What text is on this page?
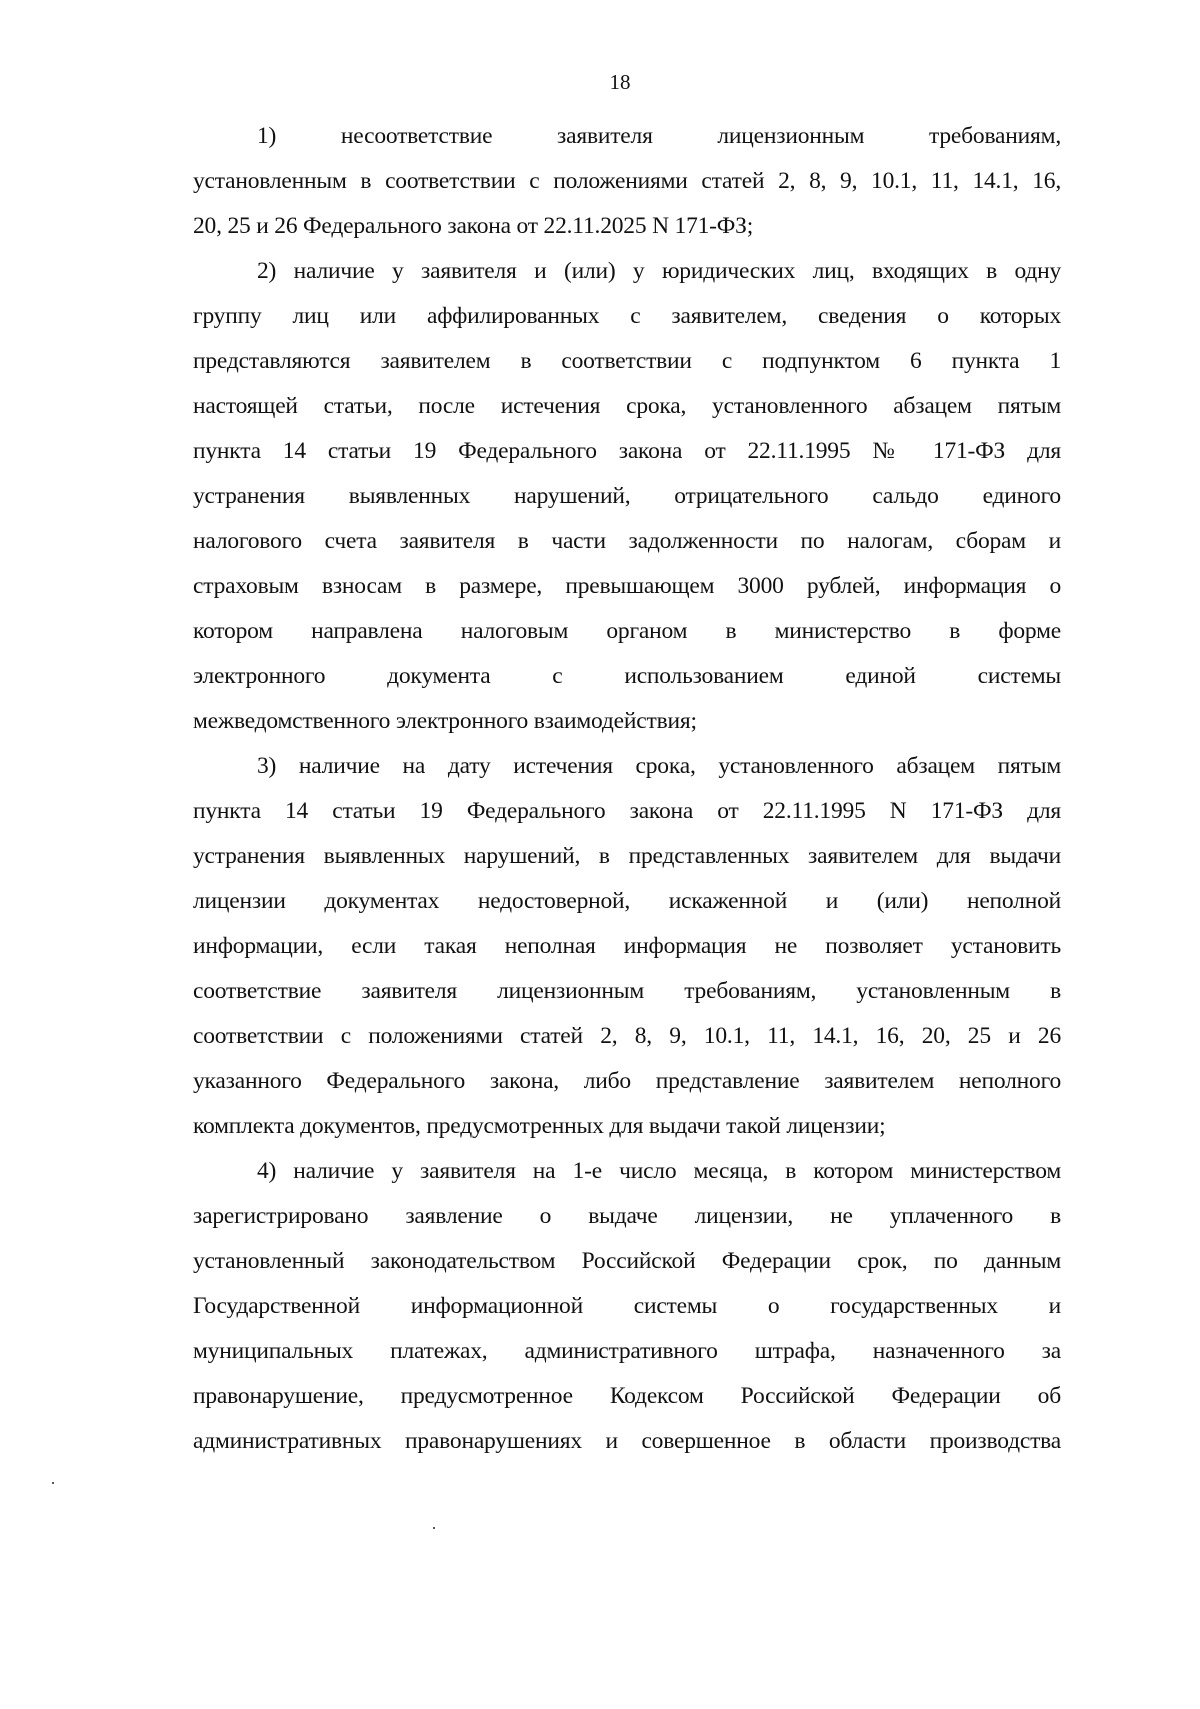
18
1)    несоответствие    заявителя    лицензионным    требованиям,
установленным в соответствии с положениями статей 2, 8, 9, 10.1, 11, 14.1, 16,
20, 25 и 26 Федерального закона от 22.11.2025 N 171-ФЗ;
2) наличие у заявителя и (или) у юридических лиц, входящих в одну
группу лиц или аффилированных с заявителем, сведения о которых
представляются заявителем в соответствии с подпунктом 6 пункта 1
настоящей статьи, после истечения срока, установленного абзацем пятым
пункта 14 статьи 19 Федерального закона от 22.11.1995 № 171-ФЗ для
устранения выявленных нарушений, отрицательного сальдо единого
налогового счета заявителя в части задолженности по налогам, сборам и
страховым взносам в размере, превышающем 3000 рублей, информация о
котором направлена налоговым органом в министерство в форме
электронного документа с использованием единой системы
межведомственного электронного взаимодействия;
3) наличие на дату истечения срока, установленного абзацем пятым
пункта 14 статьи 19 Федерального закона от 22.11.1995 N 171-ФЗ для
устранения выявленных нарушений, в представленных заявителем для выдачи
лицензии документах недостоверной, искаженной и (или) неполной
информации, если такая неполная информация не позволяет установить
соответствие заявителя лицензионным требованиям, установленным в
соответствии с положениями статей 2, 8, 9, 10.1, 11, 14.1, 16, 20, 25 и 26
указанного Федерального закона, либо представление заявителем неполного
комплекта документов, предусмотренных для выдачи такой лицензии;
4) наличие у заявителя на 1-е число месяца, в котором министерством
зарегистрировано заявление о выдаче лицензии, не уплаченного в
установленный законодательством Российской Федерации срок, по данным
Государственной информационной системы о государственных и
муниципальных платежах, административного штрафа, назначенного за
правонарушение, предусмотренное Кодексом Российской Федерации об
административных правонарушениях и совершенное в области производства
